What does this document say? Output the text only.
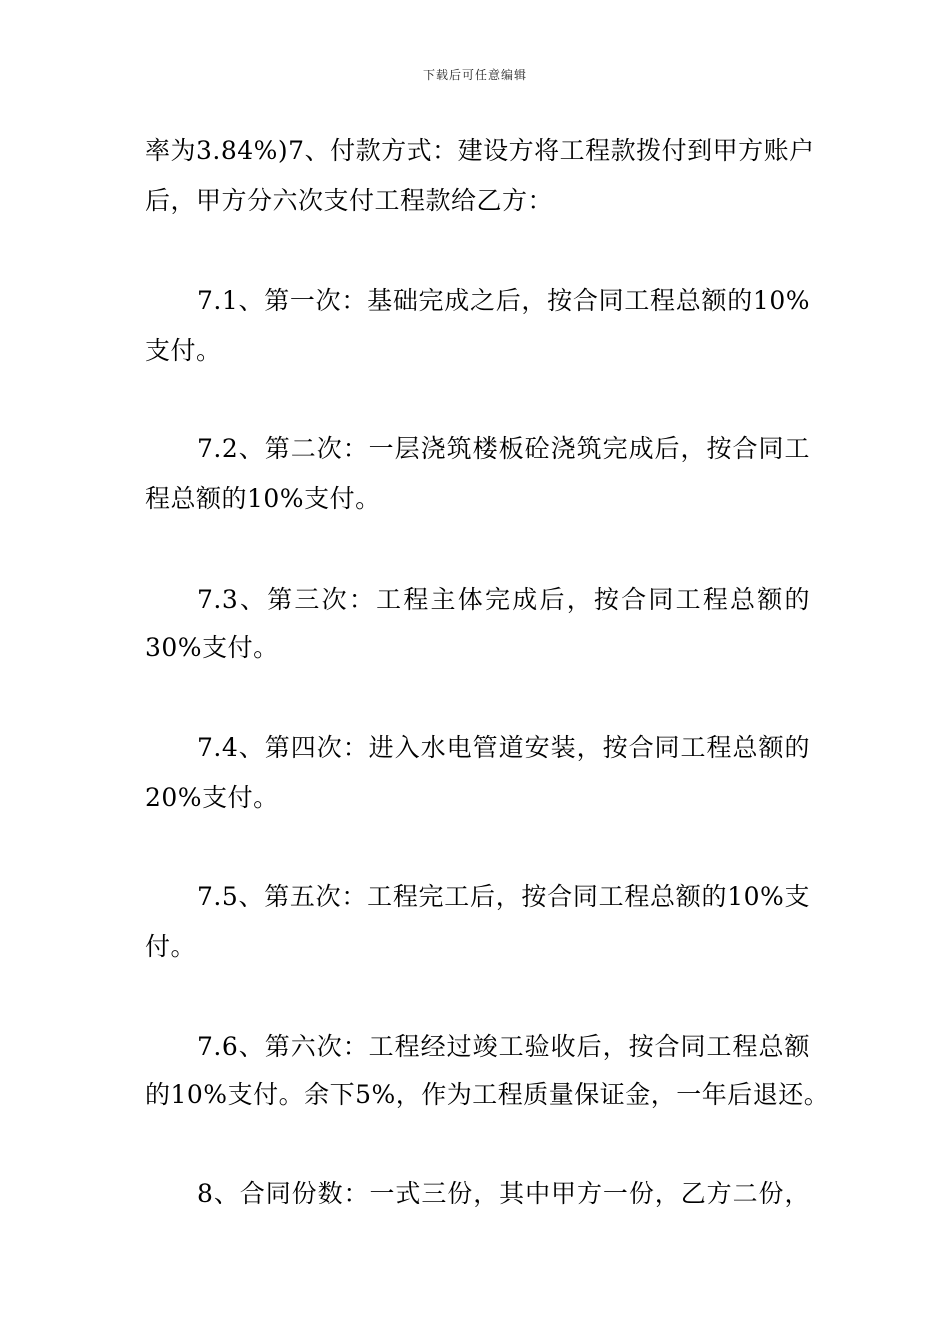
下载后可任意编辑
率为3.84%)7、付款方式：建设方将工程款拨付到甲方账户
后，甲方分六次支付工程款给乙方：
7.1、第一次：基础完成之后，按合同工程总额的10%
支付。
7.2、第二次：一层浇筑楼板砼浇筑完成后，按合同工
程总额的10%支付。
7.3、第三次：工程主体完成后，按合同工程总额的
30%支付。
7.4、第四次：进入水电管道安装，按合同工程总额的
20%支付。
7.5、第五次：工程完工后，按合同工程总额的10%支
付。
7.6、第六次：工程经过竣工验收后，按合同工程总额
的10%支付。余下5%，作为工程质量保证金，一年后退还。
8、合同份数：一式三份，其中甲方一份，乙方二份，
